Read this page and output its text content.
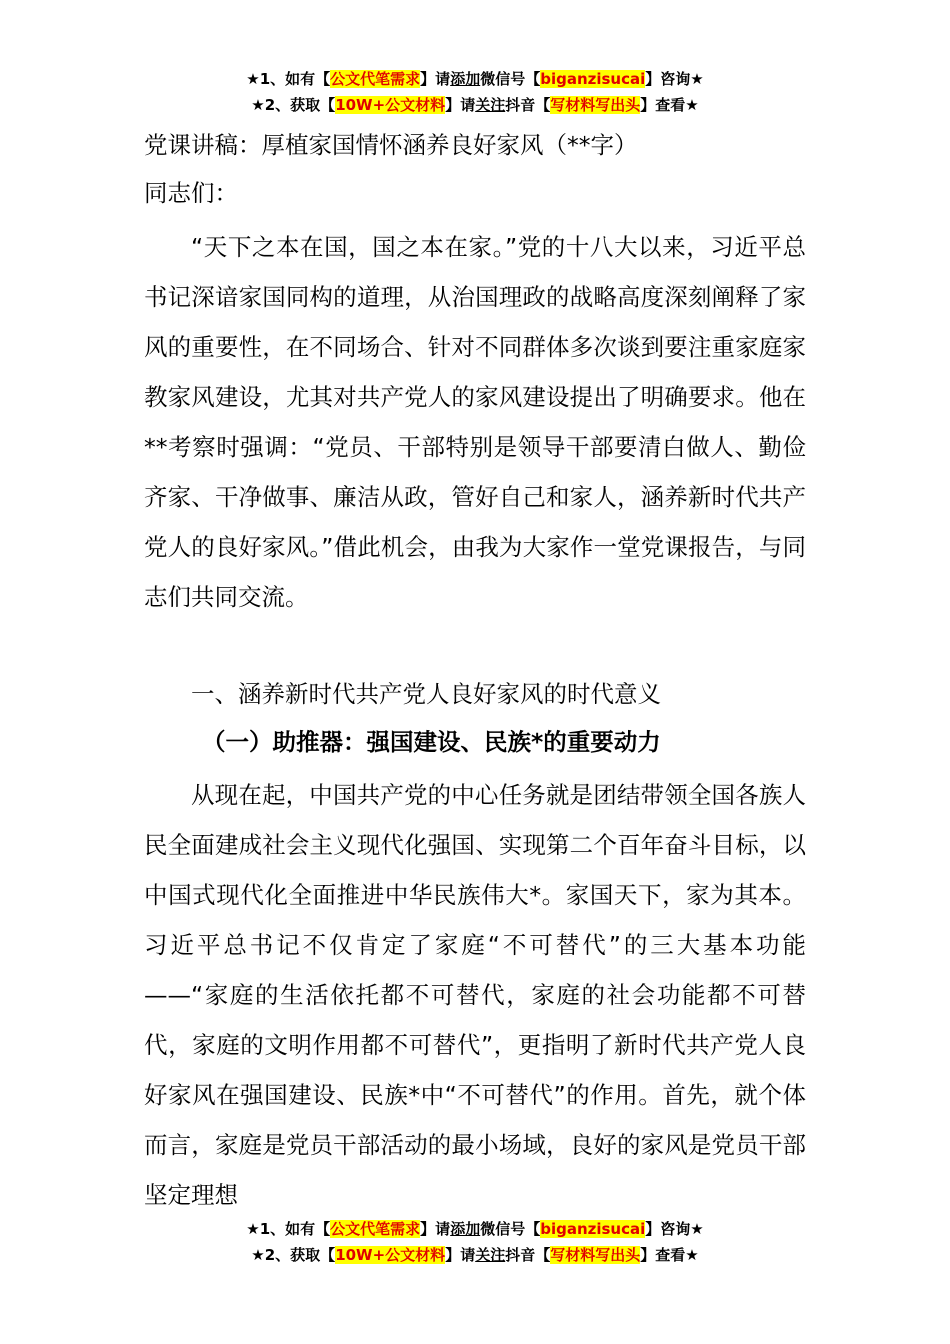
★1、如有【公文代笔需求】请添加微信号【biganzisucai】咨询★
★2、获取【10W+公文材料】请关注抖音【写材料写出头】查看★
党课讲稿：厚植家国情怀涵养良好家风（**字）
同志们：

“天下之本在国，国之本在家。”党的十八大以来，习近平总书记深谙家国同构的道理，从治国理政的战略高度深刻阐释了家风的重要性，在不同场合、针对不同群体多次谈到要注重家庭家教家风建设，尤其对共产党人的家风建设提出了明确要求。他在**考察时强调：“党员、干部特别是领导干部要清白做人、勤俭齐家、干净做事、廉洁从政，管好自己和家人，涵养新时代共产党人的良好家风。”借此机会，由我为大家作一堂党课报告，与同志们共同交流。

一、涵养新时代共产党人良好家风的时代意义
（一）助推器：强国建设、民族*的重要动力

从现在起，中国共产党的中心任务就是团结带领全国各族人民全面建成社会主义现代化强国、实现第二个百年奋斗目标，以中国式现代化全面推进中华民族伟大*。家国天下，家为其本。习近平总书记不仅肯定了家庭“不可替代”的三大基本功能——“家庭的生活依托都不可替代，家庭的社会功能都不可替代，家庭的文明作用都不可替代”，更指明了新时代共产党人良好家风在强国建设、民族*中“不可替代”的作用。首先，就个体而言，家庭是党员干部活动的最小场域，良好的家风是党员干部坚定理想

★1、如有【公文代笔需求】请添加微信号【biganzisucai】咨询★
★2、获取【10W+公文材料】请关注抖音【写材料写出头】查看★
